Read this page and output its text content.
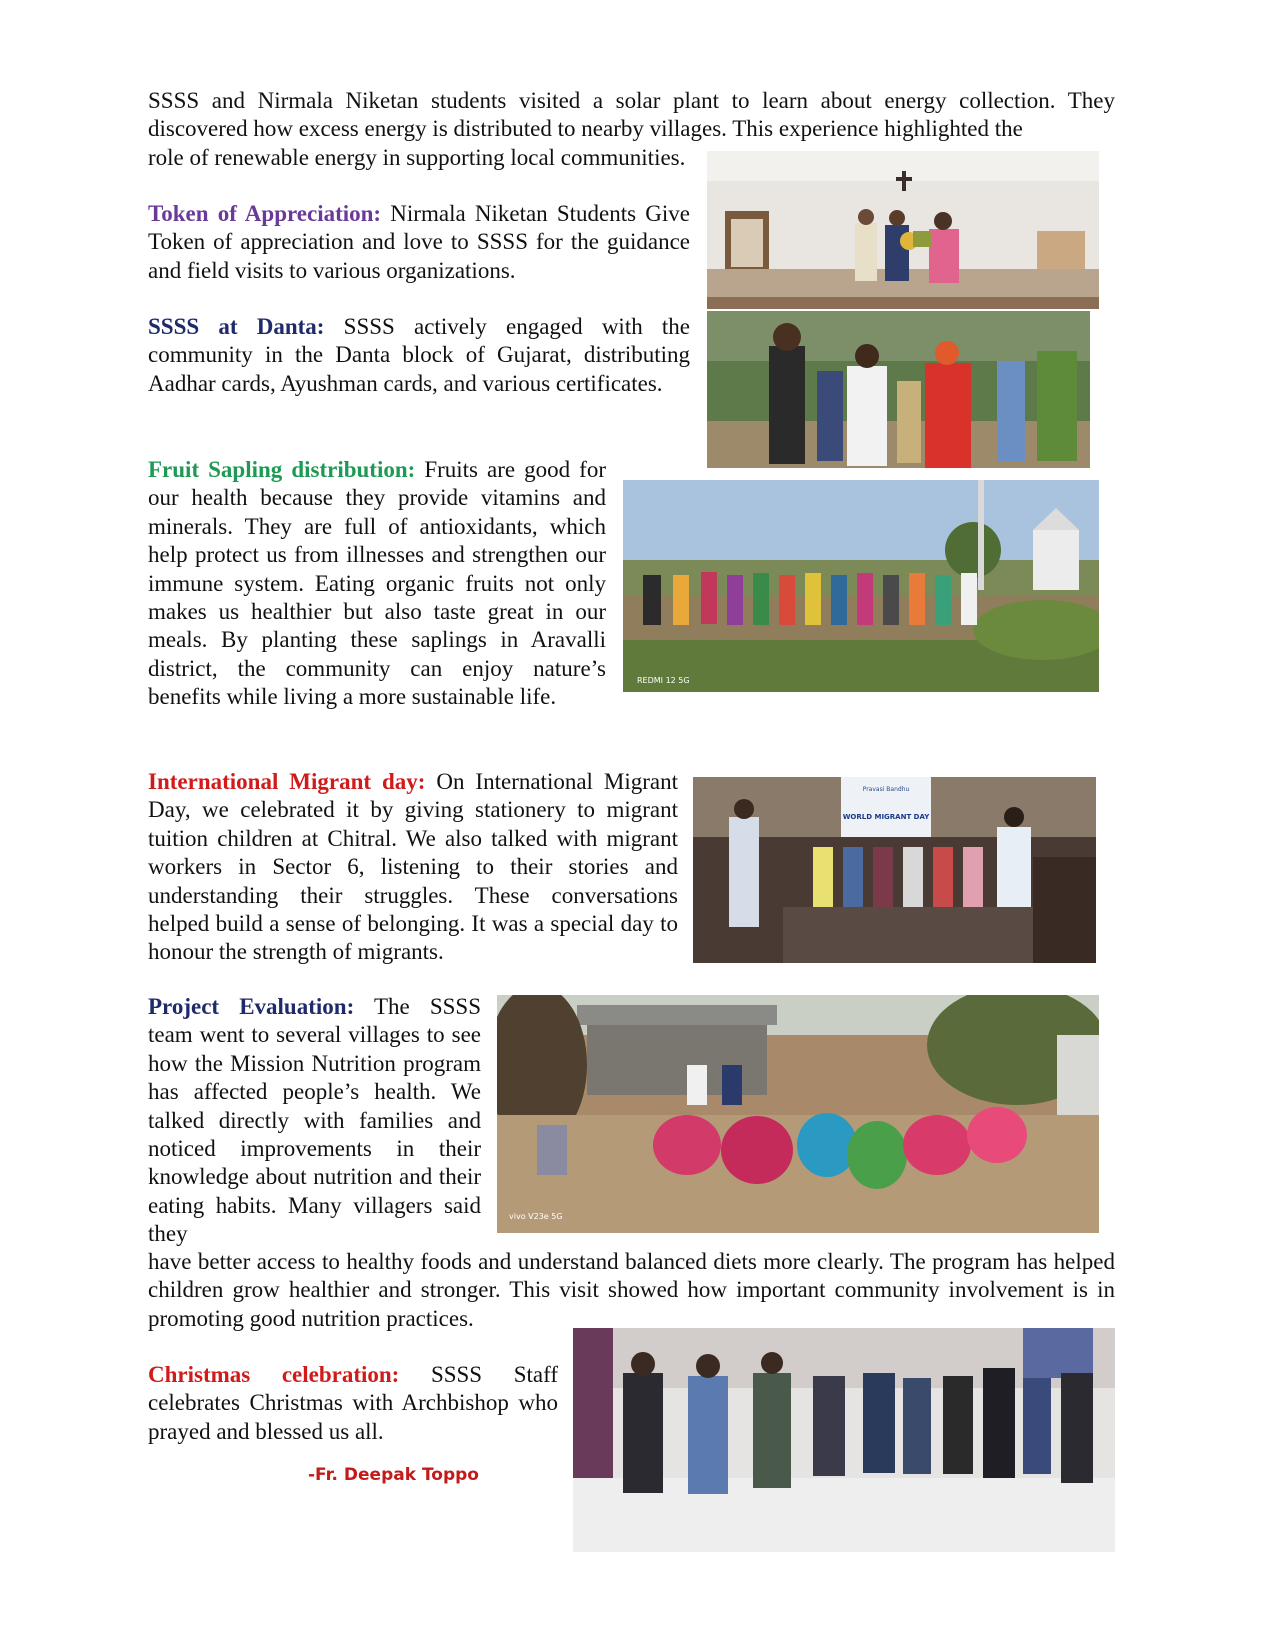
SSSS and Nirmala Niketan students visited a solar plant to learn about energy collection. They discovered how excess energy is distributed to nearby villages. This experience highlighted the

role of renewable energy in supporting local communities.

Token of Appreciation: Nirmala Niketan Students Give Token of appreciation and love to SSSS for the guidance and field visits to various organizations.

SSSS at Danta: SSSS actively engaged with the community in the Danta block of Gujarat, distributing Aadhar cards, Ayushman cards, and various certificates.

Fruit Sapling distribution: Fruits are good for our health because they provide vitamins and minerals. They are full of antioxidants, which help protect us from illnesses and strengthen our immune system. Eating organic fruits not only makes us healthier but also taste great in our meals. By planting these saplings in Aravalli district, the community can enjoy nature’s benefits while living a more sustainable life.

International Migrant day: On International Migrant Day, we celebrated it by giving stationery to migrant tuition children at Chitral. We also talked with migrant workers in Sector 6, listening to their stories and understanding their struggles. These conversations helped build a sense of belonging. It was a special day to honour the strength of migrants.

Project Evaluation: The SSSS team went to several villages to see how the Mission Nutrition program has affected people’s health. We talked directly with families and noticed improvements in their knowledge about nutrition and their eating habits. Many villagers said they

have better access to healthy foods and understand balanced diets more clearly. The program has helped children grow healthier and stronger. This visit showed how important community involvement is in promoting good nutrition practices.

Christmas celebration: SSSS Staff celebrates Christmas with Archbishop who prayed and blessed us all.

-Fr. Deepak Toppo
REDMI 12 5G
Pravasi Bandhu
WORLD MIGRANT DAY
vivo V23e 5G
